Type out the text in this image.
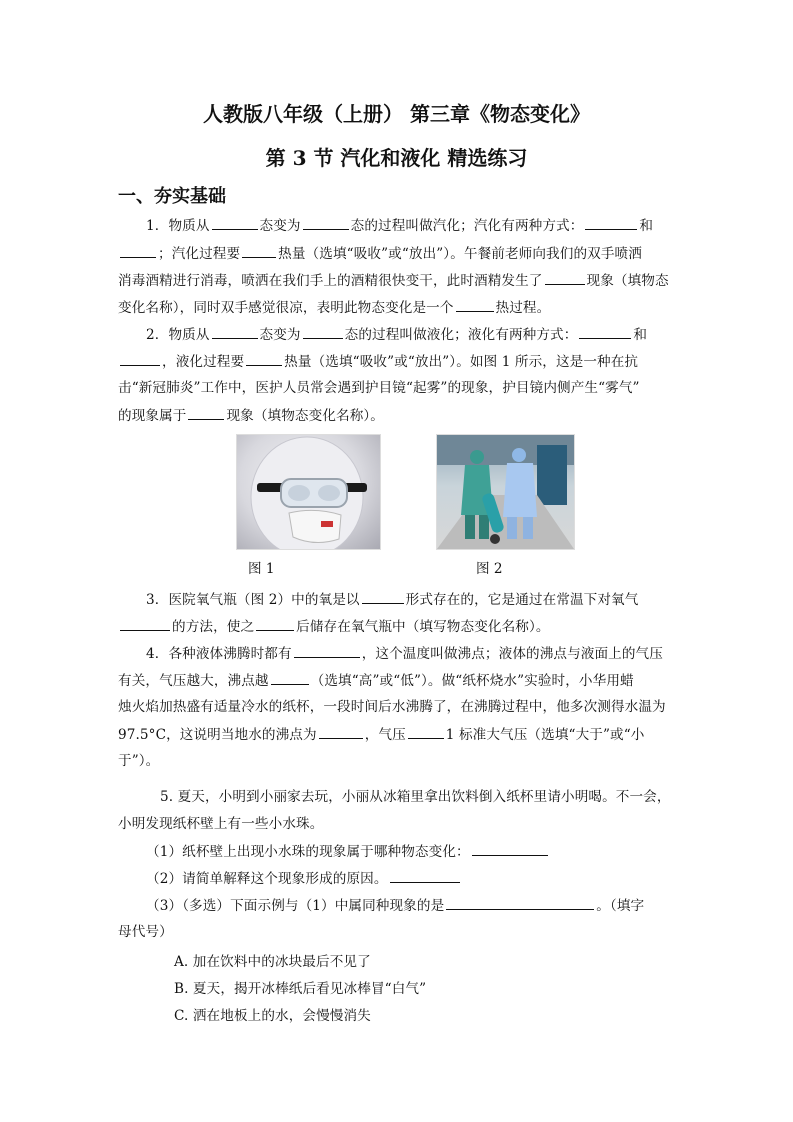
人教版八年级（上册） 第三章《物态变化》
第 3 节 汽化和液化 精选练习
一、夯实基础
1．物质从	态变为	态的过程叫做汽化；汽化有两种方式：	和
；汽化过程要	热量（选填“吸收”或“放出”）。午餐前老师向我们的双手喷洒
消毒酒精进行消毒，喷洒在我们手上的酒精很快变干，此时酒精发生了	现象（填物态
变化名称），同时双手感觉很凉，表明此物态变化是一个	热过程。
2．物质从	态变为	态的过程叫做液化；液化有两种方式：	和
，液化过程要	热量（选填“吸收”或“放出”）。如图 1 所示，这是一种在抗
击“新冠肺炎”工作中，医护人员常会遇到护目镜“起雾”的现象，护目镜内侧产生“雾气”
的现象属于	现象（填物态变化名称）。
图 1	图 2
3．医院氧气瓶（图 2）中的氧是以	形式存在的，它是通过在常温下对氧气
的方法，使之	后储存在氧气瓶中（填写物态变化名称）。
4．各种液体沸腾时都有	，这个温度叫做沸点；液体的沸点与液面上的气压
有关，气压越大，沸点越	（选填“高”或“低”）。做“纸杯烧水”实验时，小华用蜡
烛火焰加热盛有适量冷水的纸杯，一段时间后水沸腾了，在沸腾过程中，他多次测得水温为
97.5°C，这说明当地水的沸点为	，气压	1 标准大气压（选填“大于”或“小
于”）。
5. 夏天，小明到小丽家去玩，小丽从冰箱里拿出饮料倒入纸杯里请小明喝。不一会，
小明发现纸杯壁上有一些小水珠。
（1）纸杯壁上出现小水珠的现象属于哪种物态变化：
（2）请简单解释这个现象形成的原因。
（3）（多选）下面示例与（1）中属同种现象的是	。（填字
母代号）
A. 加在饮料中的冰块最后不见了
B. 夏天，揭开冰棒纸后看见冰棒冒“白气”
C. 洒在地板上的水，会慢慢消失
